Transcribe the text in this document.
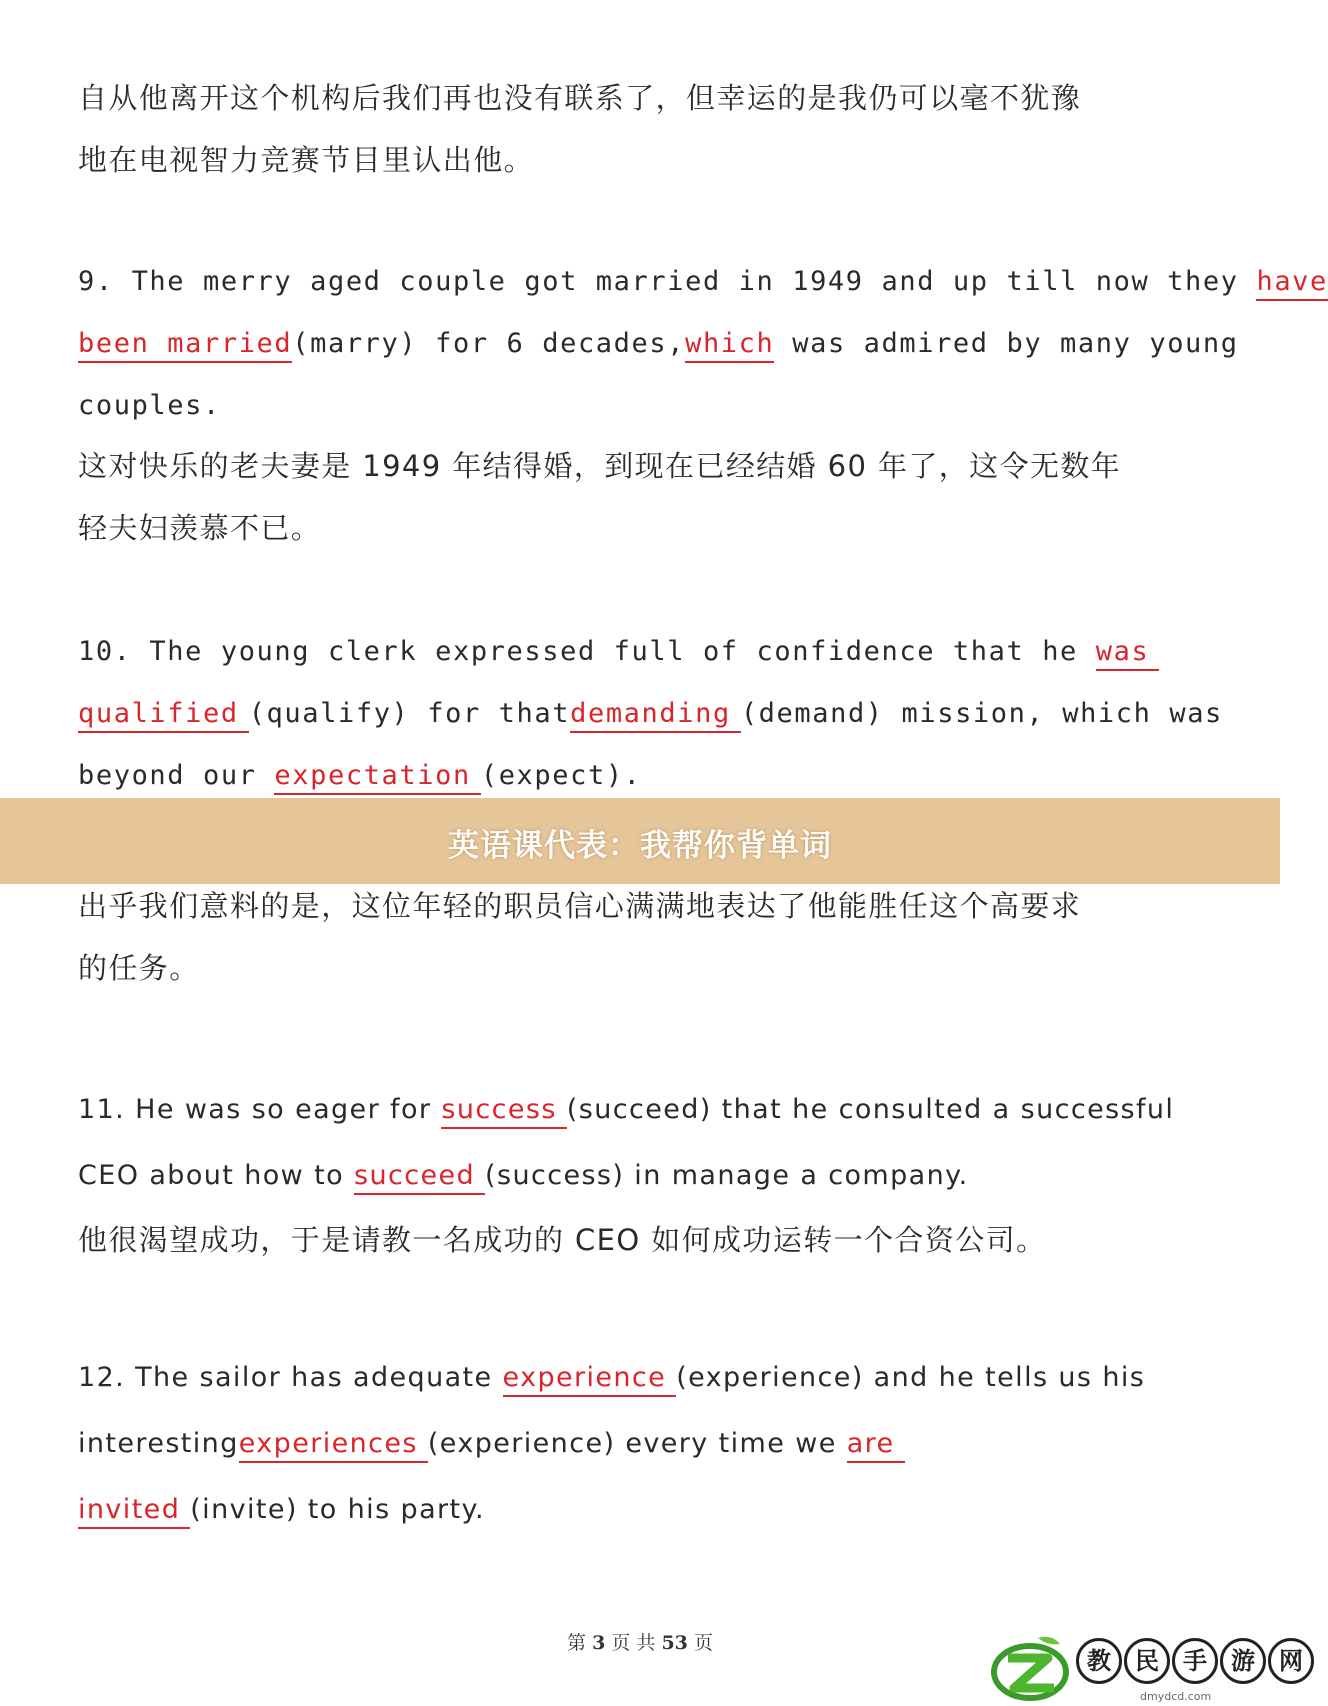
自从他离开这个机构后我们再也没有联系了，但幸运的是我仍可以毫不犹豫
地在电视智力竞赛节目里认出他。
9. The merry aged couple got married in 1949 and up till now they have
been married(marry) for 6 decades,which was admired by many young
couples.
这对快乐的老夫妻是 1949 年结得婚，到现在已经结婚 60 年了，这令无数年
轻夫妇羡慕不已。
10. The young clerk expressed full of confidence that he was
qualified (qualify) for thatdemanding (demand) mission, which was
beyond our expectation (expect).
出乎我们意料的是，这位年轻的职员信心满满地表达了他能胜任这个高要求
的任务。
11. He was so eager for success (succeed) that he consulted a successful
CEO about how to succeed (success) in manage a company.
他很渴望成功，于是请教一名成功的 CEO 如何成功运转一个合资公司。
12. The sailor has adequate experience (experience) and he tells us his
interestingexperiences (experience) every time we are
invited (invite) to his party.
英语课代表：我帮你背单词
第 3 页 共 53 页
教	民	手	游	网
dmydcd.com
